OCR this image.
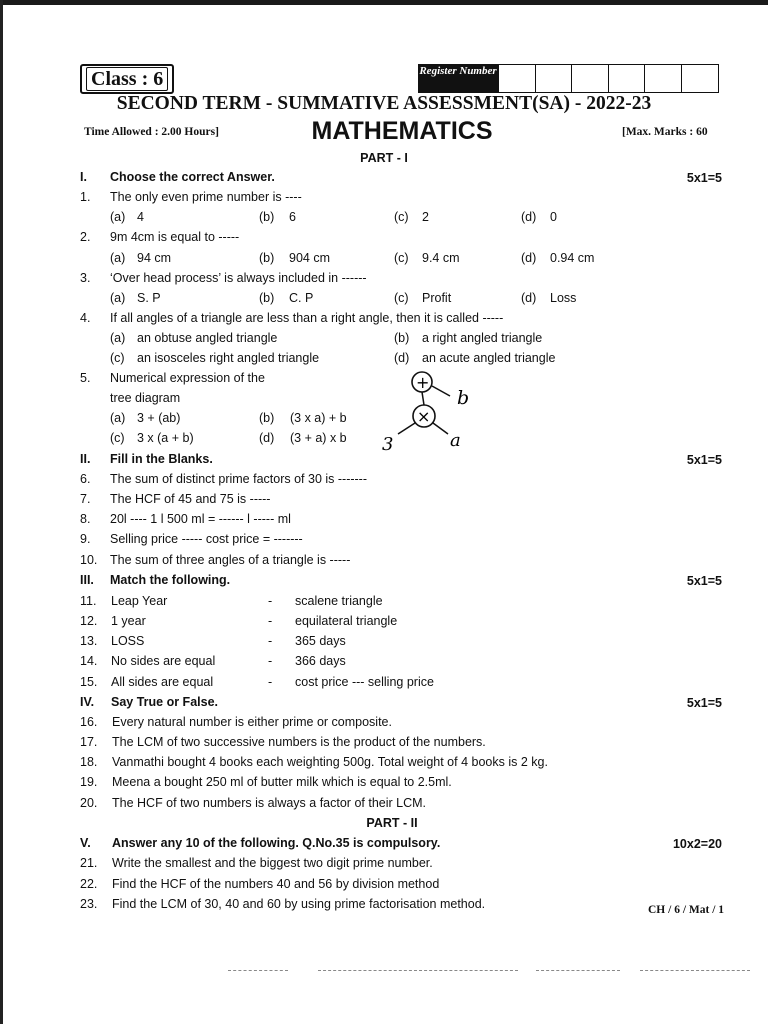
Class : 6	Register Number
SECOND TERM - SUMMATIVE ASSESSMENT(SA) - 2022-23
Time Allowed : 2.00 Hours]	MATHEMATICS	[Max. Marks : 60
PART - I
I. Choose the correct Answer.	5x1=5
1. The only even prime number is ----
(a) 4	(b) 6	(c) 2	(d) 0
2. 9m 4cm is equal to -----
(a) 94 cm	(b) 904 cm	(c) 9.4 cm	(d) 0.94 cm
3. ‘Over head process’ is always included in ------
(a) S. P	(b) C. P	(c) Profit	(d) Loss
4. If all angles of a triangle are less than a right angle, then it is called -----
(a) an obtuse angled triangle	(b) a right angled triangle
(c) an isosceles right angled triangle	(d) an acute angled triangle
5. Numerical expression of the
tree diagram
(a) 3 + (ab)	(b) (3 x a) + b
(c) 3 x (a + b)	(d) (3 + a) x b
+
×
b
3	a
II. Fill in the Blanks.	5x1=5
6. The sum of distinct prime factors of 30 is -------
7. The HCF of 45 and 75 is -----
8. 20l ---- 1 l 500 ml = ------ l ----- ml
9. Selling price ----- cost price = -------
10. The sum of three angles of a triangle is -----
III. Match the following.	5x1=5
11. Leap Year	- scalene triangle
12. 1 year	- equilateral triangle
13. LOSS	- 365 days
14. No sides are equal	- 366 days
15. All sides are equal	- cost price --- selling price
IV. Say True or False.	5x1=5
16. Every natural number is either prime or composite.
17. The LCM of two successive numbers is the product of the numbers.
18. Vanmathi bought 4 books each weighting 500g. Total weight of 4 books is 2 kg.
19. Meena a bought 250 ml of butter milk which is equal to 2.5ml.
20. The HCF of two numbers is always a factor of their LCM.
PART - II
V. Answer any 10 of the following. Q.No.35 is compulsory.	10x2=20
21. Write the smallest and the biggest two digit prime number.
22. Find the HCF of the numbers 40 and 56 by division method
23. Find the LCM of 30, 40 and 60 by using prime factorisation method.	CH / 6 / Mat / 1
